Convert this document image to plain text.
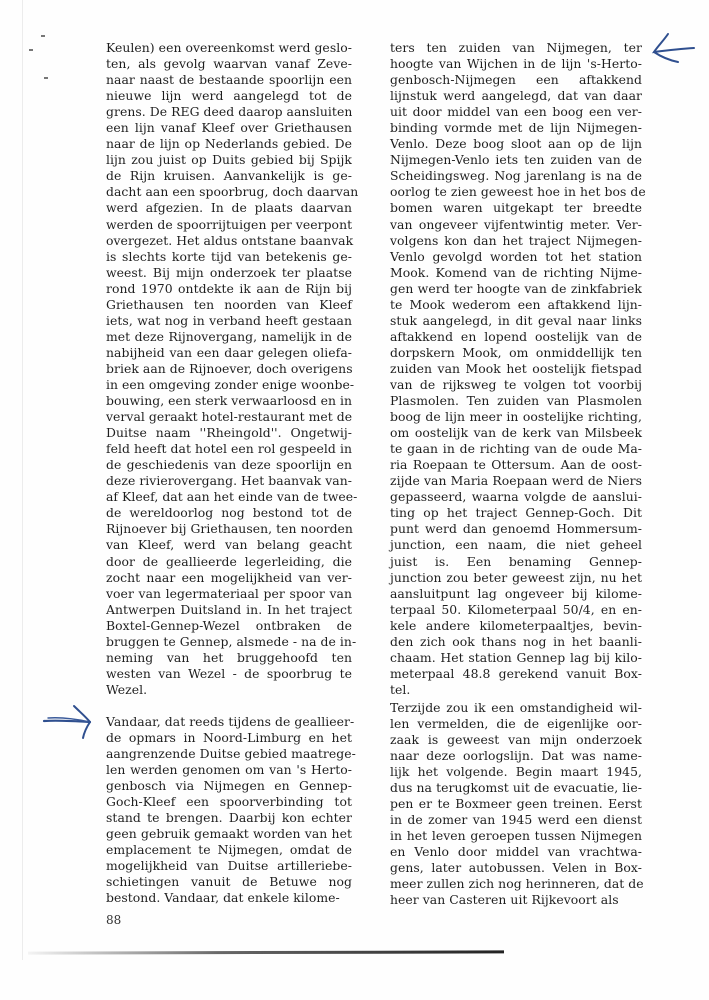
Keulen) een overeenkomst werd geslo-
ten, als gevolg waarvan vanaf Zeve-
naar naast de bestaande spoorlijn een
nieuwe lijn werd aangelegd tot de
grens. De REG deed daarop aansluiten
een lijn vanaf Kleef over Griethausen
naar de lijn op Nederlands gebied. De
lijn zou juist op Duits gebied bij Spijk
de Rijn kruisen. Aanvankelijk is ge-
dacht aan een spoorbrug, doch daarvan
werd afgezien. In de plaats daarvan
werden de spoorrijtuigen per veerpont
overgezet. Het aldus ontstane baanvak
is slechts korte tijd van betekenis ge-
weest. Bij mijn onderzoek ter plaatse
rond 1970 ontdekte ik aan de Rijn bij
Griethausen ten noorden van Kleef
iets, wat nog in verband heeft gestaan
met deze Rijnovergang, namelijk in de
nabijheid van een daar gelegen oliefa-
briek aan de Rijnoever, doch overigens
in een omgeving zonder enige woonbe-
bouwing, een sterk verwaarloosd en in
verval geraakt hotel-restaurant met de
Duitse naam ''Rheingold''. Ongetwij-
feld heeft dat hotel een rol gespeeld in
de geschiedenis van deze spoorlijn en
deze rivierovergang. Het baanvak van-
af Kleef, dat aan het einde van de twee-
de wereldoorlog nog bestond tot de
Rijnoever bij Griethausen, ten noorden
van Kleef, werd van belang geacht
door de geallieerde legerleiding, die
zocht naar een mogelijkheid van ver-
voer van legermateriaal per spoor van
Antwerpen Duitsland in. In het traject
Boxtel-Gennep-Wezel ontbraken de
bruggen te Gennep, alsmede - na de in-
neming van het bruggehoofd ten
westen van Wezel - de spoorbrug te
Wezel.
Vandaar, dat reeds tijdens de geallieer-
de opmars in Noord-Limburg en het
aangrenzende Duitse gebied maatrege-
len werden genomen om van 's Herto-
genbosch via Nijmegen en Gennep-
Goch-Kleef een spoorverbinding tot
stand te brengen. Daarbij kon echter
geen gebruik gemaakt worden van het
emplacement te Nijmegen, omdat de
mogelijkheid van Duitse artilleriebe-
schietingen vanuit de Betuwe nog
bestond. Vandaar, dat enkele kilome-
ters ten zuiden van Nijmegen, ter
hoogte van Wijchen in de lijn 's-Herto-
genbosch-Nijmegen een aftakkend
lijnstuk werd aangelegd, dat van daar
uit door middel van een boog een ver-
binding vormde met de lijn Nijmegen-
Venlo. Deze boog sloot aan op de lijn
Nijmegen-Venlo iets ten zuiden van de
Scheidingsweg. Nog jarenlang is na de
oorlog te zien geweest hoe in het bos de
bomen waren uitgekapt ter breedte
van ongeveer vijfentwintig meter. Ver-
volgens kon dan het traject Nijmegen-
Venlo gevolgd worden tot het station
Mook. Komend van de richting Nijme-
gen werd ter hoogte van de zinkfabriek
te Mook wederom een aftakkend lijn-
stuk aangelegd, in dit geval naar links
aftakkend en lopend oostelijk van de
dorpskern Mook, om onmiddellijk ten
zuiden van Mook het oostelijk fietspad
van de rijksweg te volgen tot voorbij
Plasmolen. Ten zuiden van Plasmolen
boog de lijn meer in oostelijke richting,
om oostelijk van de kerk van Milsbeek
te gaan in de richting van de oude Ma-
ria Roepaan te Ottersum. Aan de oost-
zijde van Maria Roepaan werd de Niers
gepasseerd, waarna volgde de aanslui-
ting op het traject Gennep-Goch. Dit
punt werd dan genoemd Hommersum-
junction, een naam, die niet geheel
juist is. Een benaming Gennep-
junction zou beter geweest zijn, nu het
aansluitpunt lag ongeveer bij kilome-
terpaal 50. Kilometerpaal 50/4, en en-
kele andere kilometerpaaltjes, bevin-
den zich ook thans nog in het baanli-
chaam. Het station Gennep lag bij kilo-
meterpaal 48.8 gerekend vanuit Box-
tel.
Terzijde zou ik een omstandigheid wil-
len vermelden, die de eigenlijke oor-
zaak is geweest van mijn onderzoek
naar deze oorlogslijn. Dat was name-
lijk het volgende. Begin maart 1945,
dus na terugkomst uit de evacuatie, lie-
pen er te Boxmeer geen treinen. Eerst
in de zomer van 1945 werd een dienst
in het leven geroepen tussen Nijmegen
en Venlo door middel van vrachtwa-
gens, later autobussen. Velen in Box-
meer zullen zich nog herinneren, dat de
heer van Casteren uit Rijkevoort als
88
